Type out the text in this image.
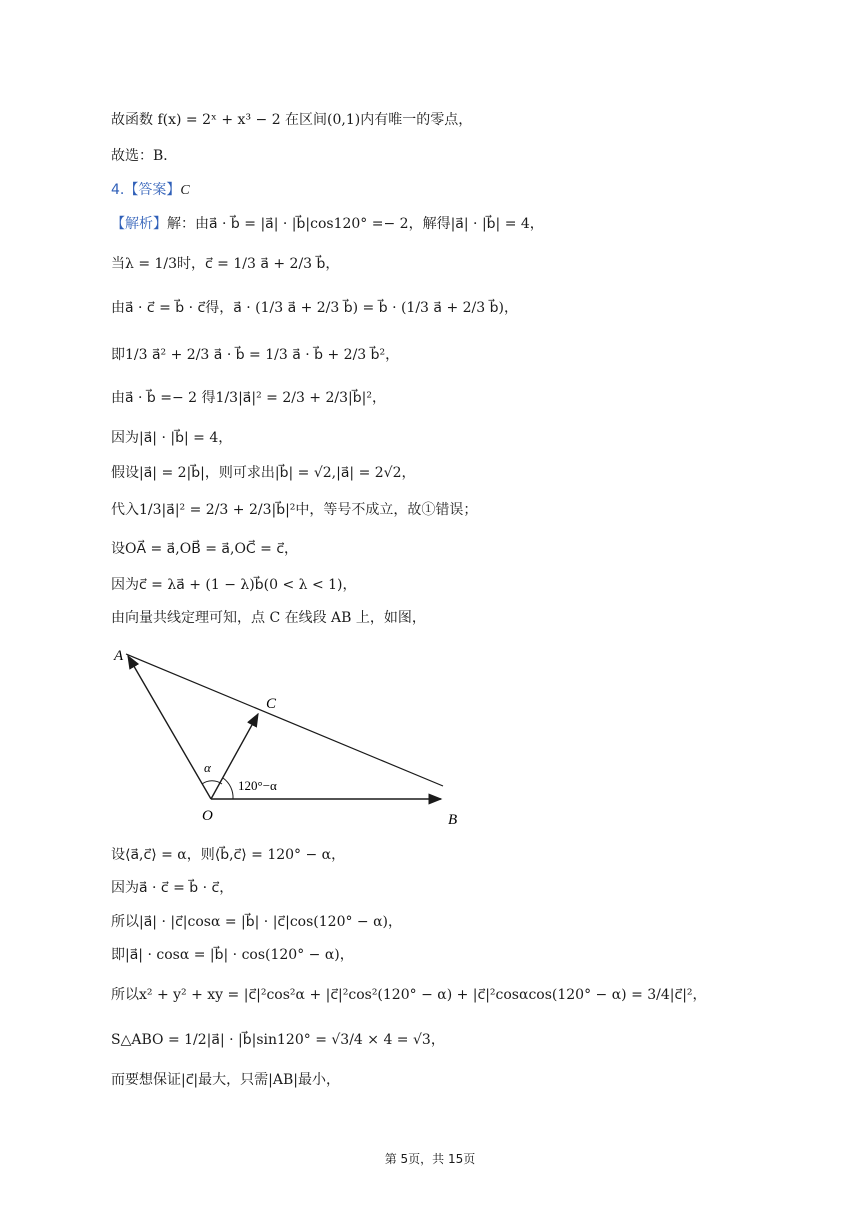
故函数 f(x) = 2ˣ + x³ − 2 在区间(0,1)内有唯一的零点，
故选：B．
4.【答案】C
【解析】解：由a⃗ · b⃗ = |a⃗| · |b⃗|cos120° =− 2，解得|a⃗| · |b⃗| = 4，
当λ = 1/3时，c⃗ = 1/3 a⃗ + 2/3 b⃗，
由a⃗ · c⃗ = b⃗ · c⃗得，a⃗ · (1/3 a⃗ + 2/3 b⃗) = b⃗ · (1/3 a⃗ + 2/3 b⃗)，
即1/3 a⃗² + 2/3 a⃗ · b⃗ = 1/3 a⃗ · b⃗ + 2/3 b⃗²，
由a⃗ · b⃗ =− 2 得1/3|a⃗|² = 2/3 + 2/3|b⃗|²，
因为|a⃗| · |b⃗| = 4，
假设|a⃗| = 2|b⃗|，则可求出|b⃗| = √2,|a⃗| = 2√2，
代入1/3|a⃗|² = 2/3 + 2/3|b⃗|²中，等号不成立，故①错误；
设OA⃗ = a⃗,OB⃗ = a⃗,OC⃗ = c⃗，
因为c⃗ = λa⃗ + (1 − λ)b⃗(0 < λ < 1)，
由向量共线定理可知，点 C 在线段 AB 上，如图，
A
C
O	B
α
120°−α
设⟨a⃗,c⃗⟩ = α，则⟨b⃗,c⃗⟩ = 120° − α，
因为a⃗ · c⃗ = b⃗ · c⃗，
所以|a⃗| · |c⃗|cosα = |b⃗| · |c⃗|cos(120° − α)，
即|a⃗| · cosα = |b⃗| · cos(120° − α)，
所以x² + y² + xy = |c⃗|²cos²α + |c⃗|²cos²(120° − α) + |c⃗|²cosαcos(120° − α) = 3/4|c⃗|²，
S△ABO = 1/2|a⃗| · |b⃗|sin120° = √3/4 × 4 = √3，
而要想保证|c⃗|最大，只需|AB|最小，
第 5页，共 15页
